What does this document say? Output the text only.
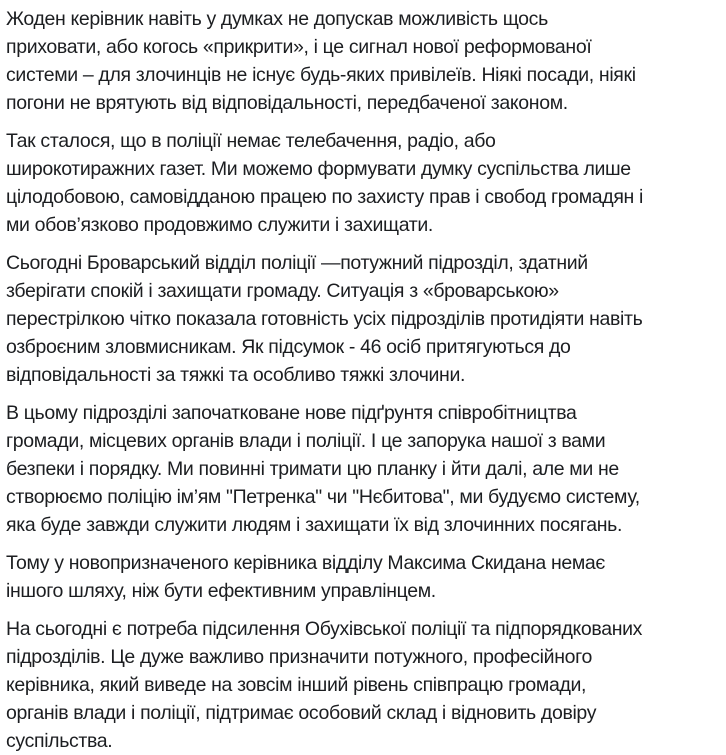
Жоден керівник навіть у думках не допускав можливість щось
приховати, або когось «прикрити», і це сигнал нової реформованої
системи – для злочинців не існує будь-яких привілеїв. Ніякі посади, ніякі
погони не врятують від відповідальності, передбаченої законом.

Так сталося, що в поліції немає телебачення, радіо, або
широкотиражних газет. Ми можемо формувати думку суспільства лише
цілодобовою, самовідданою працею по захисту прав і свобод громадян і
ми обов’язково продовжимо служити і захищати.

Сьогодні Броварський відділ поліції —потужний підрозділ, здатний
зберігати спокій і захищати громаду. Ситуація з «броварською»
перестрілкою чітко показала готовність усіх підрозділів протидіяти навіть
озброєним зловмисникам. Як підсумок - 46 осіб притягуються до
відповідальності за тяжкі та особливо тяжкі злочини.

В цьому підрозділі започатковане нове підґрунтя співробітництва
громади, місцевих органів влади і поліції. І це запорука нашої з вами
безпеки і порядку. Ми повинні тримати цю планку і йти далі, але ми не
створюємо поліцію ім’ям "Петренка" чи "Нєбитова", ми будуємо систему,
яка буде завжди служити людям і захищати їх від злочинних посягань.

Тому у новопризначеного керівника відділу Максима Скидана немає
іншого шляху, ніж бути ефективним управлінцем.

На сьогодні є потреба підсилення Обухівської поліції та підпорядкованих
підрозділів. Це дуже важливо призначити потужного, професійного
керівника, який виведе на зовсім інший рівень співпрацю громади,
органів влади і поліції, підтримає особовий склад і відновить довіру
суспільства.
